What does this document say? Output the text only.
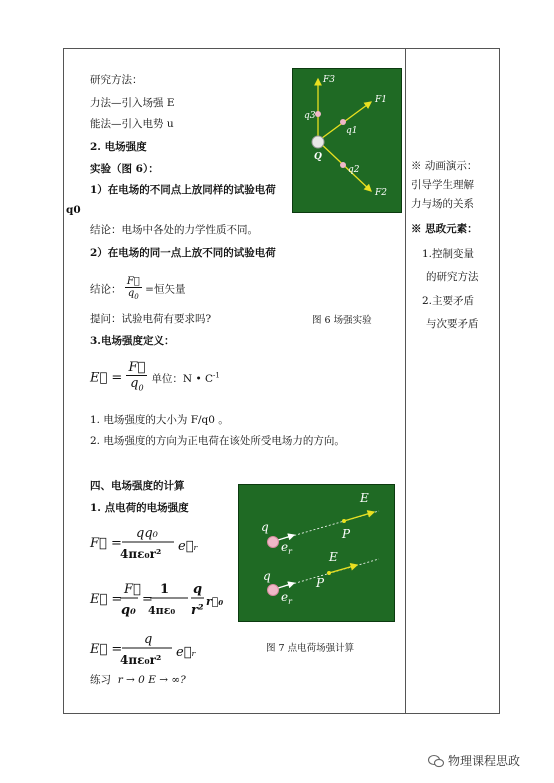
研究方法：
力法—引入场强 E
能法—引入电势 u
2. 电场强度
实验（图 6）：
1）在电场的不同点上放同样的试验电荷
q0
结论：电场中各处的力学性质不同。
2）在电场的同一点上放不同的试验电荷
结论： $\frac{F⃗}{q_0}$ =恒矢量
提问：试验电荷有要求吗?	图 6 场强实验
3.电场强度定义：
E⃗ = $\frac{F⃗}{q_0}$ 单位：N • $C^{-1}$
1. 电场强度的大小为 F/q0 。
2. 电场强度的方向为正电荷在该处所受电场力的方向。
四、电场强度的计算
1. 点电荷的电场强度
F⃗ =
qq₀
4πε₀r² e⃗ᵣ
E⃗ =
F⃗
q₀
=
1
4πε₀
q
r²
r⃗₀
E⃗ =
q
4πε₀r² e⃗ᵣ	图 7 点电荷场强计算
练习 r → 0 E → ∞?
F3
F1
q3
q1
Q
q2
F2
E
q	P
$e_r$	E
q	P
$e_r$
※ 动画演示：
引导学生理解
力与场的关系
※ 思政元素：
1.控制变量
的研究方法
2.主要矛盾
与次要矛盾
物理课程思政
